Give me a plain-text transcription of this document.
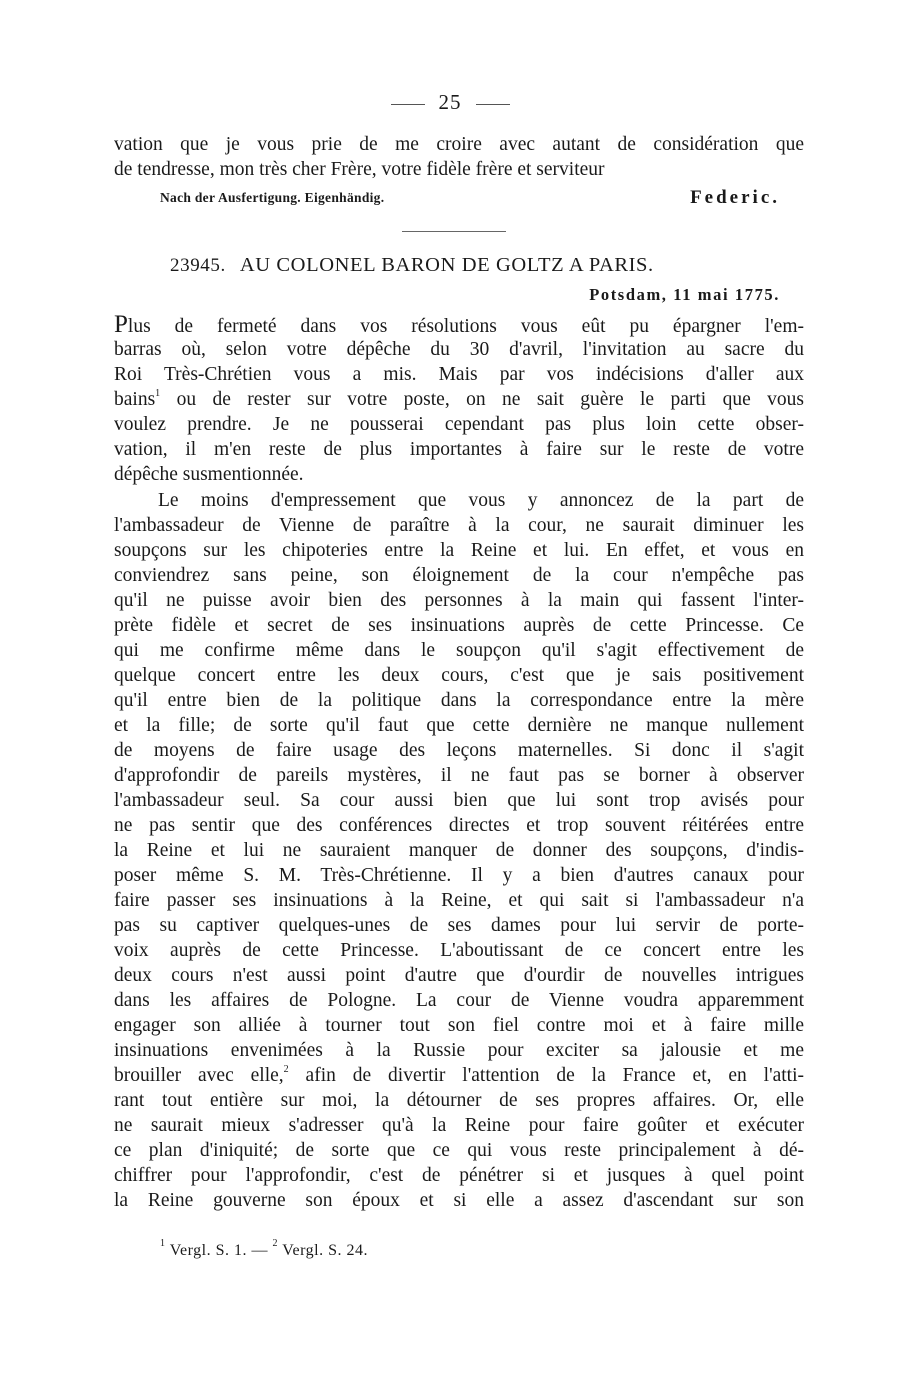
25
vation que je vous prie de me croire avec autant de considération que
de tendresse, mon très cher Frère, votre fidèle frère et serviteur
Nach der Ausfertigung. Eigenhändig.	Federic.
23945. AU COLONEL BARON DE GOLTZ A PARIS.
Potsdam, 11 mai 1775.
Plus de fermeté dans vos résolutions vous eût pu épargner l'em-
barras où, selon votre dépêche du 30 d'avril, l'invitation au sacre du
Roi Très-Chrétien vous a mis. Mais par vos indécisions d'aller aux
bains$^1$ ou de rester sur votre poste, on ne sait guère le parti que vous
voulez prendre. Je ne pousserai cependant pas plus loin cette obser-
vation, il m'en reste de plus importantes à faire sur le reste de votre
dépêche susmentionnée.
Le moins d'empressement que vous y annoncez de la part de
l'ambassadeur de Vienne de paraître à la cour, ne saurait diminuer les
soupçons sur les chipoteries entre la Reine et lui. En effet, et vous en
conviendrez sans peine, son éloignement de la cour n'empêche pas
qu'il ne puisse avoir bien des personnes à la main qui fassent l'inter-
prète fidèle et secret de ses insinuations auprès de cette Princesse. Ce
qui me confirme même dans le soupçon qu'il s'agit effectivement de
quelque concert entre les deux cours, c'est que je sais positivement
qu'il entre bien de la politique dans la correspondance entre la mère
et la fille; de sorte qu'il faut que cette dernière ne manque nullement
de moyens de faire usage des leçons maternelles. Si donc il s'agit
d'approfondir de pareils mystères, il ne faut pas se borner à observer
l'ambassadeur seul. Sa cour aussi bien que lui sont trop avisés pour
ne pas sentir que des conférences directes et trop souvent réitérées entre
la Reine et lui ne sauraient manquer de donner des soupçons, d'indis-
poser même S. M. Très-Chrétienne. Il y a bien d'autres canaux pour
faire passer ses insinuations à la Reine, et qui sait si l'ambassadeur n'a
pas su captiver quelques-unes de ses dames pour lui servir de porte-
voix auprès de cette Princesse. L'aboutissant de ce concert entre les
deux cours n'est aussi point d'autre que d'ourdir de nouvelles intrigues
dans les affaires de Pologne. La cour de Vienne voudra apparemment
engager son alliée à tourner tout son fiel contre moi et à faire mille
insinuations envenimées à la Russie pour exciter sa jalousie et me
brouiller avec elle,$^2$ afin de divertir l'attention de la France et, en l'atti-
rant tout entière sur moi, la détourner de ses propres affaires. Or, elle
ne saurait mieux s'adresser qu'à la Reine pour faire goûter et exécuter
ce plan d'iniquité; de sorte que ce qui vous reste principalement à dé-
chiffrer pour l'approfondir, c'est de pénétrer si et jusques à quel point
la Reine gouverne son époux et si elle a assez d'ascendant sur son
$^1$ Vergl. S. 1. — $^2$ Vergl. S. 24.
